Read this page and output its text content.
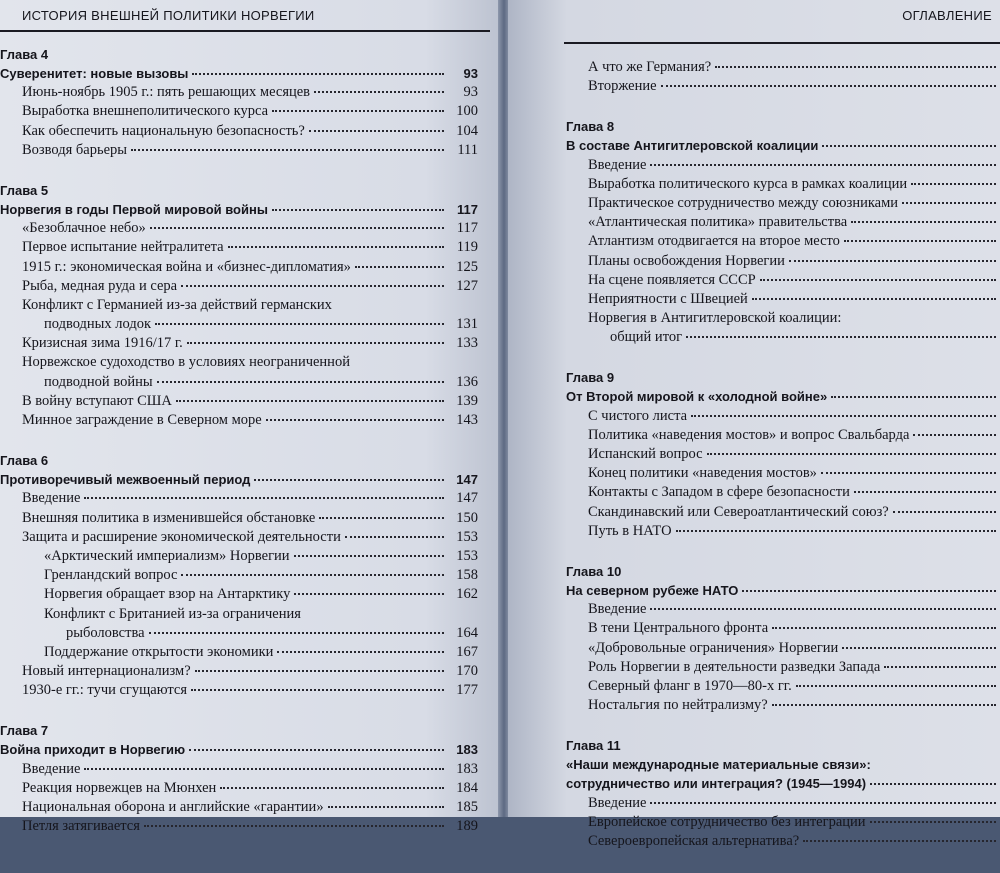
ИСТОРИЯ ВНЕШНЕЙ ПОЛИТИКИ НОРВЕГИИ
Глава 4
Суверенитет: новые вызовы	93
Июнь-ноябрь 1905 г.: пять решающих месяцев	93
Выработка внешнеполитического курса	100
Как обеспечить национальную безопасность?	104
Возводя барьеры	111
Глава 5
Норвегия в годы Первой мировой войны	117
«Безоблачное небо»	117
Первое испытание нейтралитета	119
1915 г.: экономическая война и «бизнес-дипломатия»	125
Рыба, медная руда и сера	127
Конфликт с Германией из-за действий германских
подводных лодок	131
Кризисная зима 1916/17 г.	133
Норвежское судоходство в условиях неограниченной
подводной войны	136
В войну вступают США	139
Минное заграждение в Северном море	143
Глава 6
Противоречивый межвоенный период	147
Введение	147
Внешняя политика в изменившейся обстановке	150
Защита и расширение экономической деятельности	153
«Арктический империализм» Норвегии	153
Гренландский вопрос	158
Норвегия обращает взор на Антарктику	162
Конфликт с Британией из-за ограничения
рыболовства	164
Поддержание открытости экономики	167
Новый интернационализм?	170
1930-е гг.: тучи сгущаются	177
Глава 7
Война приходит в Норвегию	183
Введение	183
Реакция норвежцев на Мюнхен	184
Национальная оборона и английские «гарантии»	185
Петля затягивается	189
ОГЛАВЛЕНИЕ
А что же Германия?
Вторжение
Глава 8
В составе Антигитлеровской коалиции
Введение
Выработка политического курса в рамках коалиции
Практическое сотрудничество между союзниками
«Атлантическая политика» правительства
Атлантизм отодвигается на второе место
Планы освобождения Норвегии
На сцене появляется СССР
Неприятности с Швецией
Норвегия в Антигитлеровской коалиции:
общий итог
Глава 9
От Второй мировой к «холодной войне»
С чистого листа
Политика «наведения мостов» и вопрос Свальбарда
Испанский вопрос
Конец политики «наведения мостов»
Контакты с Западом в сфере безопасности
Скандинавский или Североатлантический союз?
Путь в НАТО
Глава 10
На северном рубеже НАТО
Введение
В тени Центрального фронта
«Добровольные ограничения» Норвегии
Роль Норвегии в деятельности разведки Запада
Северный фланг в 1970—80-х гг.
Ностальгия по нейтрализму?
Глава 11
«Наши международные материальные связи»:
сотрудничество или интеграция? (1945—1994)
Введение
Европейское сотрудничество без интеграции
Североевропейская альтернатива?
